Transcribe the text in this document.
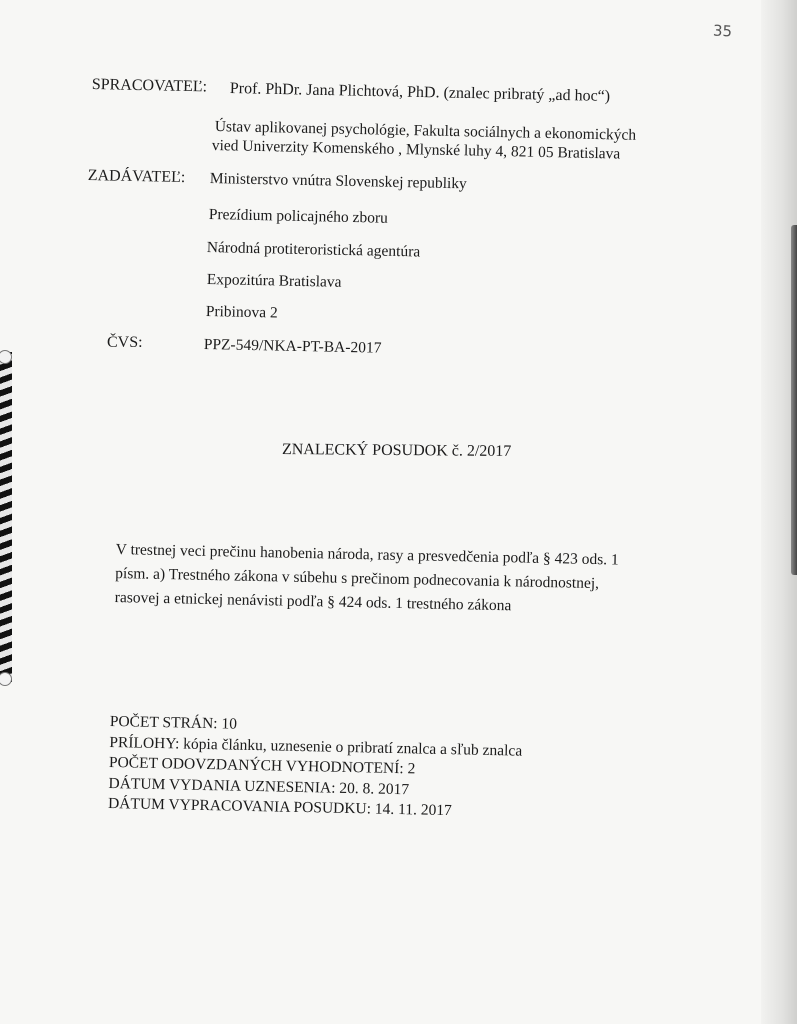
35
SPRACOVATEĽ: Prof. PhDr. Jana Plichtová, PhD. (znalec pribratý „ad hoc“)
Ústav aplikovanej psychológie, Fakulta sociálnych a ekonomických
vied Univerzity Komenského , Mlynské luhy 4, 821 05 Bratislava
ZADÁVATEĽ: Ministerstvo vnútra Slovenskej republiky
Prezídium policajného zboru
Národná protiteroristická agentúra
Expozitúra Bratislava
Pribinova 2
ČVS:	PPZ-549/NKA-PT-BA-2017
ZNALECKÝ POSUDOK č. 2/2017
V trestnej veci prečinu hanobenia národa, rasy a presvedčenia podľa § 423 ods. 1
písm. a) Trestného zákona v súbehu s prečinom podnecovania k národnostnej,
rasovej a etnickej nenávisti podľa § 424 ods. 1 trestného zákona
POČET STRÁN: 10
PRÍLOHY: kópia článku, uznesenie o pribratí znalca a sľub znalca
POČET ODOVZDANÝCH VYHODNOTENÍ: 2
DÁTUM VYDANIA UZNESENIA: 20. 8. 2017
DÁTUM VYPRACOVANIA POSUDKU: 14. 11. 2017
